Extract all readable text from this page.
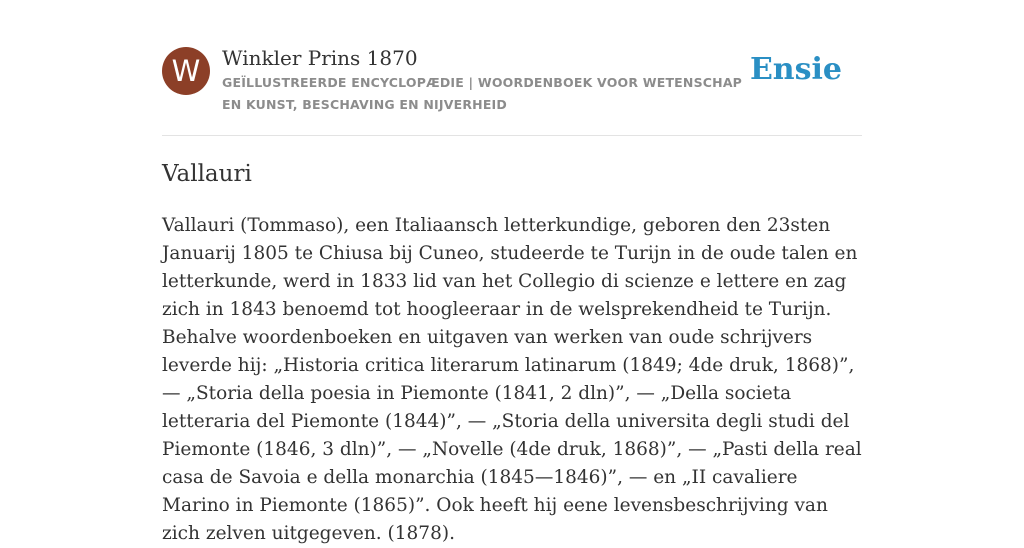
W	Winkler Prins 1870
GEÏLLUSTREERDE ENCYCLOPÆDIE | WOORDENBOEK VOOR WETENSCHAP EN KUNST, BESCHAVING EN NIJVERHEID
Ensie
Vallauri

Vallauri (Tommaso), een Italiaansch letterkundige, geboren den 23sten Januarij 1805 te Chiusa bij Cuneo, studeerde te Turijn in de oude talen en letterkunde, werd in 1833 lid van het Collegio di scienze e lettere en zag zich in 1843 benoemd tot hoogleeraar in de welsprekendheid te Turijn. Behalve woordenboeken en uitgaven van werken van oude schrijvers leverde hij: „Historia critica literarum latinarum (1849; 4de druk, 1868)”, — „Storia della poesia in Piemonte (1841, 2 dln)”, — „Della societa letteraria del Piemonte (1844)”, — „Storia della universita degli studi del Piemonte (1846, 3 dln)”, — „Novelle (4de druk, 1868)”, — „Pasti della real casa de Savoia e della monarchia (1845—1846)”, — en „II cavaliere Marino in Piemonte (1865)”. Ook heeft hij eene levensbeschrijving van zich zelven uitgegeven. (1878).
